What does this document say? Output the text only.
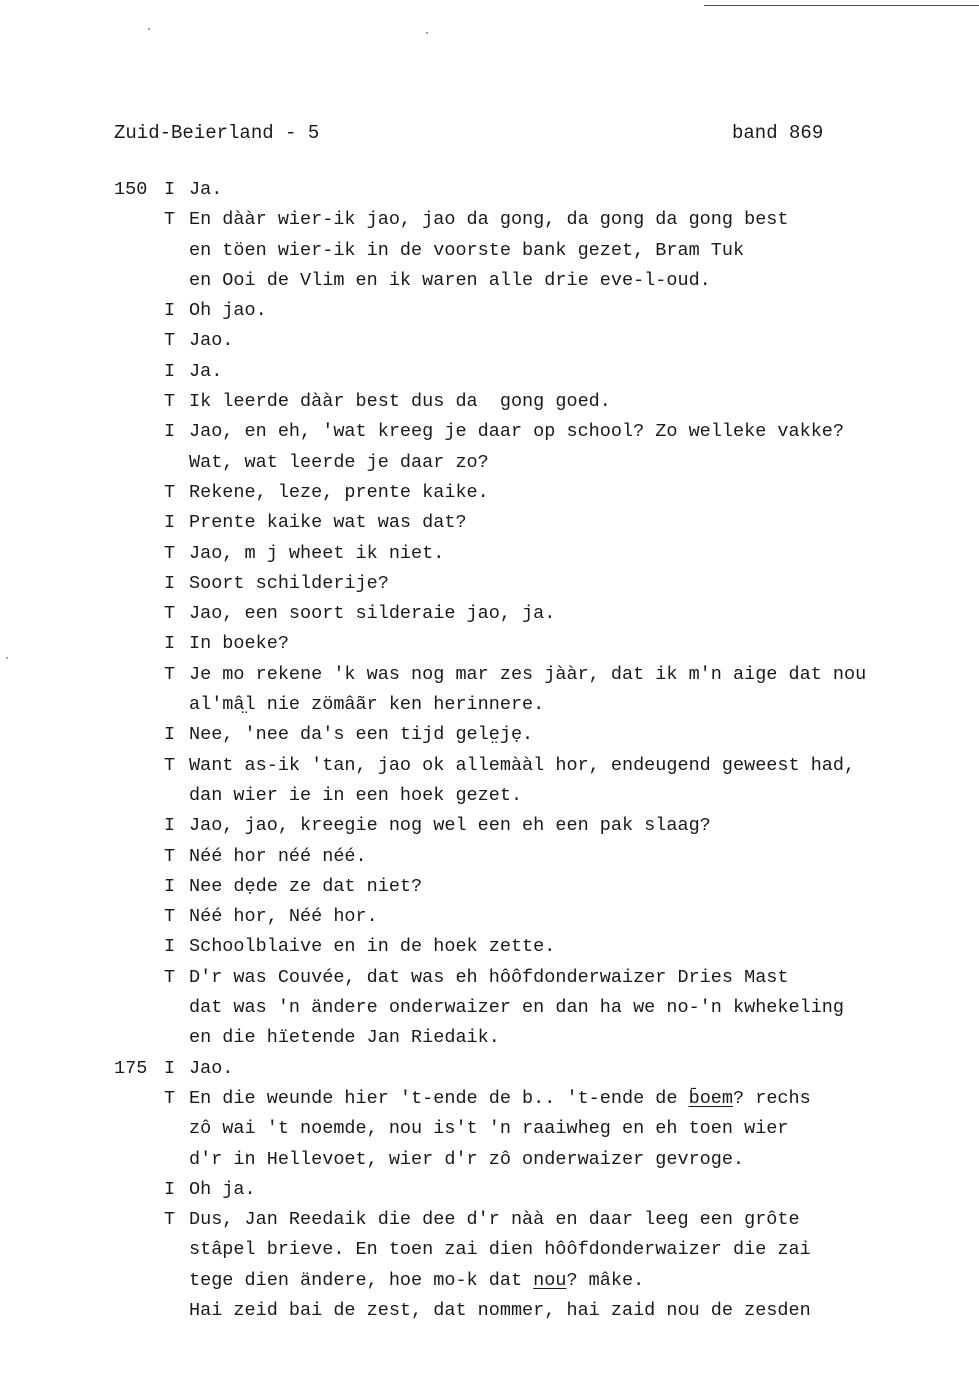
Zuid-Beierland - 5	band 869
150 I Ja.
T En dààr wier-ik jao, jao da gong, da gong da gong best
en töen wier-ik in de voorste bank gezet, Bram Tuk
en Ooi de Vlim en ik waren alle drie eve-l-oud.
I Oh jao.
T Jao.
I Ja.
T Ik leerde dààr best dus da  gong goed.
I Jao, en eh, 'wat kreeg je daar op school? Zo welleke vakke?
Wat, wat leerde je daar zo?
T Rekene, leze, prente kaike.
I Prente kaike wat was dat?
T Jao, m j wheet ik niet.
I Soort schilderije?
T Jao, een soort silderaie jao, ja.
I In boeke?
T Je mo rekene 'k was nog mar zes jààr, dat ik m'n aige dat nou
al'mâ̤l nie zömâãr ken herinnere.
I Nee, 'nee da's een tijd gele̤jẹ.
T Want as-ik 'tan, jao ok allemààl hor, endeugend geweest had,
dan wier ie in een hoek gezet.
I Jao, jao, kreegie nog wel een eh een pak slaag?
T Néé hor néé néé.
I Nee dẹde ze dat niet?
T Néé hor, Néé hor.
I Schoolblaive en in de hoek zette.
T D'r was Couvée, dat was eh hôôfdonderwaizer Dries Mast
dat was 'n ändere onderwaizer en dan ha we no-'n kwhekeling
en die hïetende Jan Riedaik.
175 I Jao.
T En die weunde hier 't-ende de b.. 't-ende de b̄oem? rechs
zô wai 't noemde, nou is't 'n raaiwheg en eh toen wier
d'r in Hellevoet, wier d'r zô onderwaizer gevroge.
I Oh ja.
T Dus, Jan Reedaik die dee d'r nàà en daar leeg een grôte
stâpel brieve. En toen zai dien hôôfdonderwaizer die zai
tege dien ändere, hoe mo-k dat nou? mâke.
Hai zeid bai de zest, dat nommer, hai zaid nou de zesden
